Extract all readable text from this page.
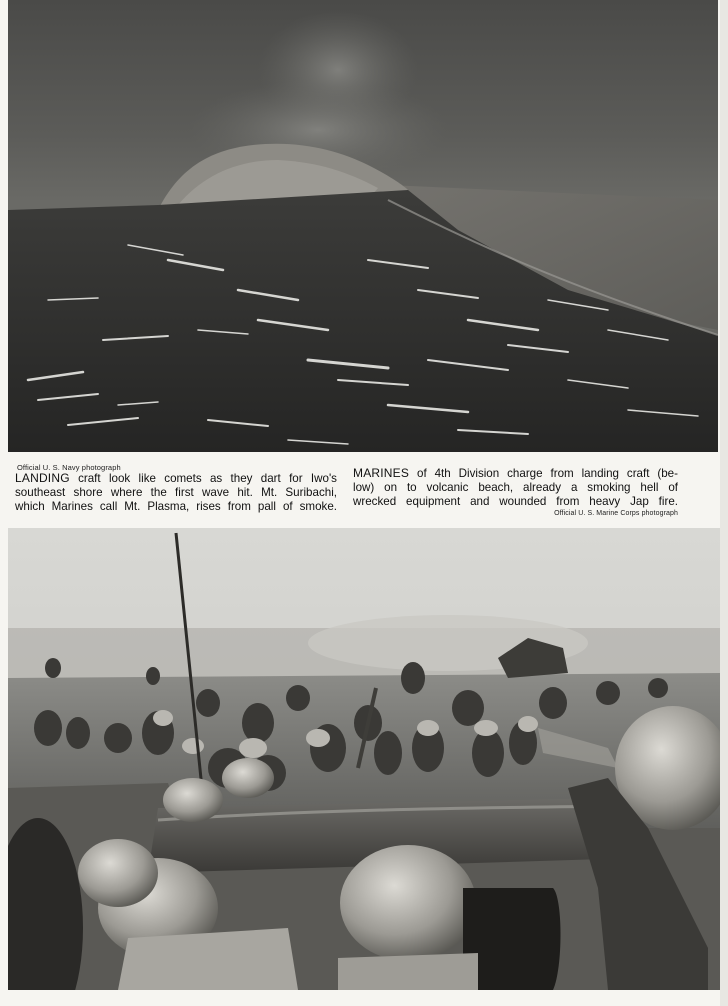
Official U. S. Navy photograph
LANDING craft look like comets as they dart for Iwo's
southeast shore where the first wave hit. Mt. Suribachi,
which Marines call Mt. Plasma, rises from pall of smoke.
MARINES of 4th Division charge from landing craft (be-
low) on to volcanic beach, already a smoking hell of
wrecked equipment and wounded from heavy Jap fire.
Official U. S. Marine Corps photograph
